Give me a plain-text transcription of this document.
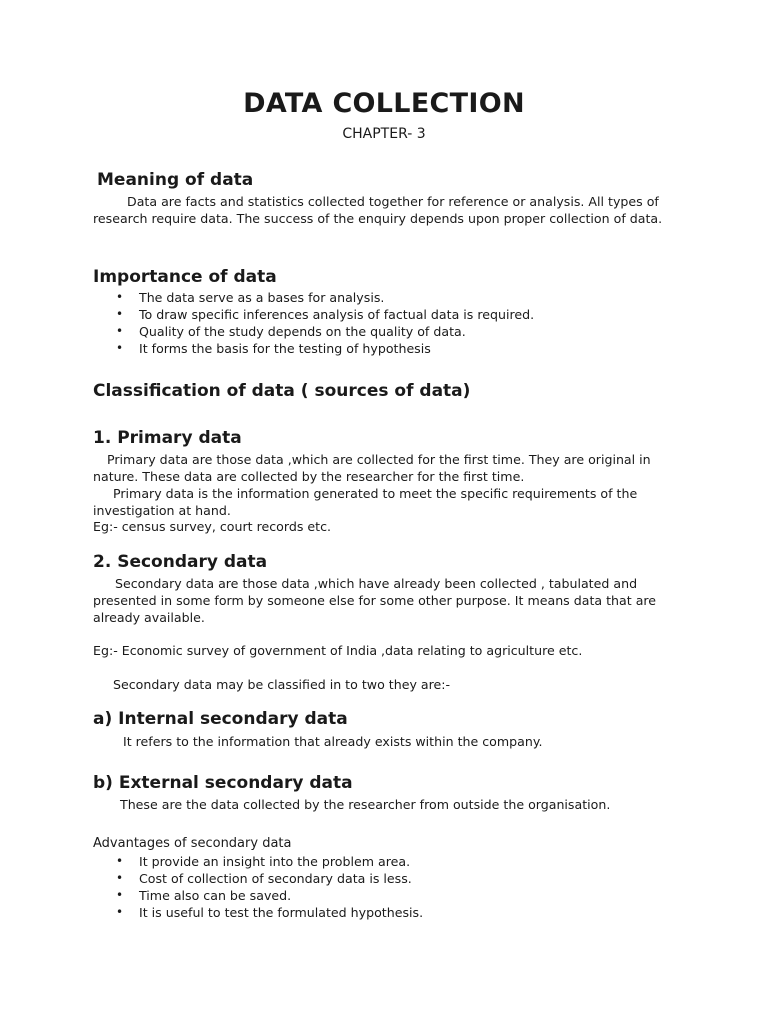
DATA COLLECTION
CHAPTER- 3
Meaning of data

Data are facts and statistics collected together for reference or analysis. All types of research require data. The success of the enquiry depends upon proper collection of data.

Importance of data
• The data serve as a bases for analysis.
• To draw specific inferences analysis of factual data is required.
• Quality of the study depends on the quality of data.
• It forms the basis for the testing of hypothesis
Classification of data ( sources of data)
1. Primary data

Primary data are those data ,which are collected for the first time. They are original in nature. These data are collected by the researcher for the first time.

Primary data is the information generated to meet the specific requirements of the investigation at hand.

Eg:- census survey, court records etc.
2. Secondary data

Secondary data are those data ,which have already been collected , tabulated and presented in some form by someone else for some other purpose. It means data that are already available.

Eg:- Economic survey of government of India ,data relating to agriculture etc.
Secondary data may be classified in to two they are:-
a) Internal secondary data
It refers to the information that already exists within the company.
b) External secondary data
These are the data collected by the researcher from outside the organisation.
Advantages of secondary data
• It provide an insight into the problem area.
• Cost of collection of secondary data is less.
• Time also can be saved.
• It is useful to test the formulated hypothesis.
